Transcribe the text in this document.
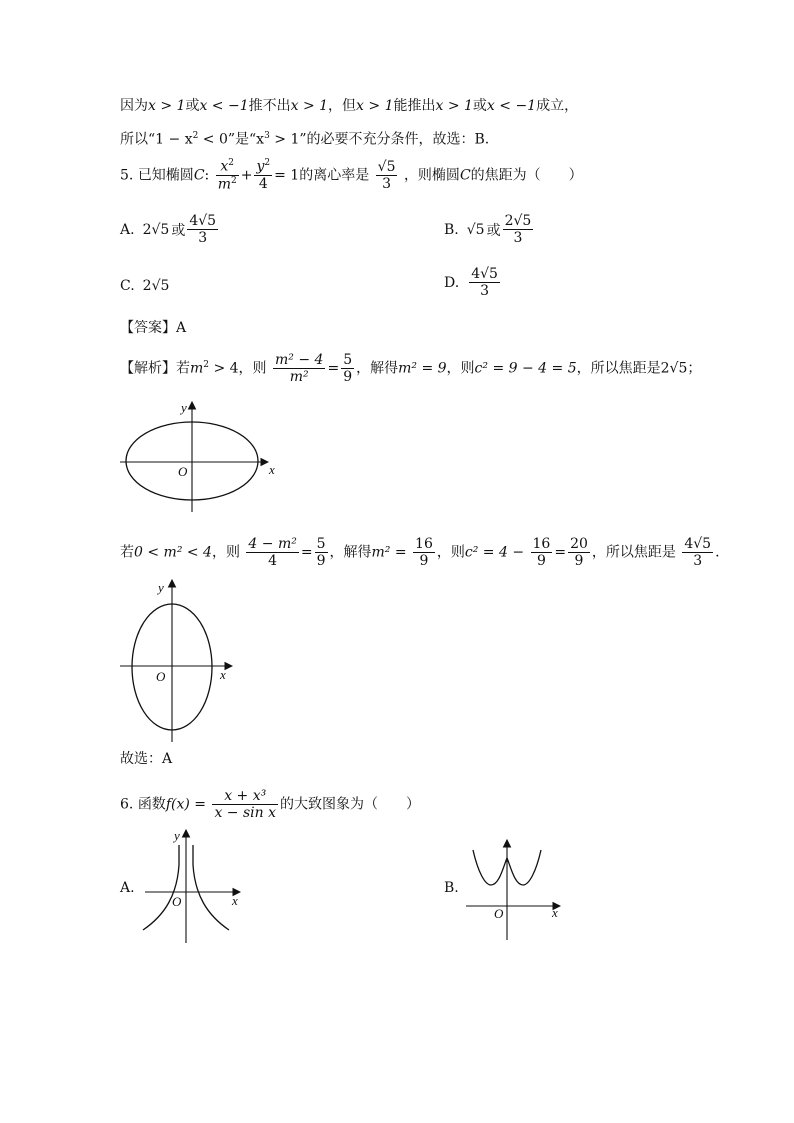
因为x > 1或x < −1推不出x > 1，但x > 1能推出x > 1或x < −1成立，
所以“$1 - x^2 < 0$”是“$x^3 > 1$”的必要不充分条件，故选：B.
5. 已知椭圆C: $\frac{x^2}{m^2} + \frac{y^2}{4} = 1$的离心率是 $\frac{√5}{3}$ ，则椭圆C的焦距为（　　）
A. 2√5 或 $\frac{4√5}{3}$	B. √5 或 $\frac{2√5}{3}$
C. 2√5	D. $\frac{4√5}{3}$
【答案】A
【解析】若$m^2 > 4$，则 $\frac{\text{m² − 4}}{\text{m²}} = \frac{5}{9}$ ，解得m² = 9，则c² = 9 − 4 = 5，所以焦距是2√5；
x
y
O
若0 < m² < 4，则 $\frac{\text{4 − m²}}{4} = \frac{5}{9}$ ，解得$m^2 = \frac{16}{9}$ ，则$c^2 = 4 - \frac{16}{9} = \frac{20}{9}$ ，所以焦距是 $\frac{4√5}{3}$ .
x
y
O
故选：A
6. 函数$f(x) = \frac{\text{x + x³}}{\text{x − sin x}}$ 的大致图象为（　　）
A.	B.
x
y
O
x
O
